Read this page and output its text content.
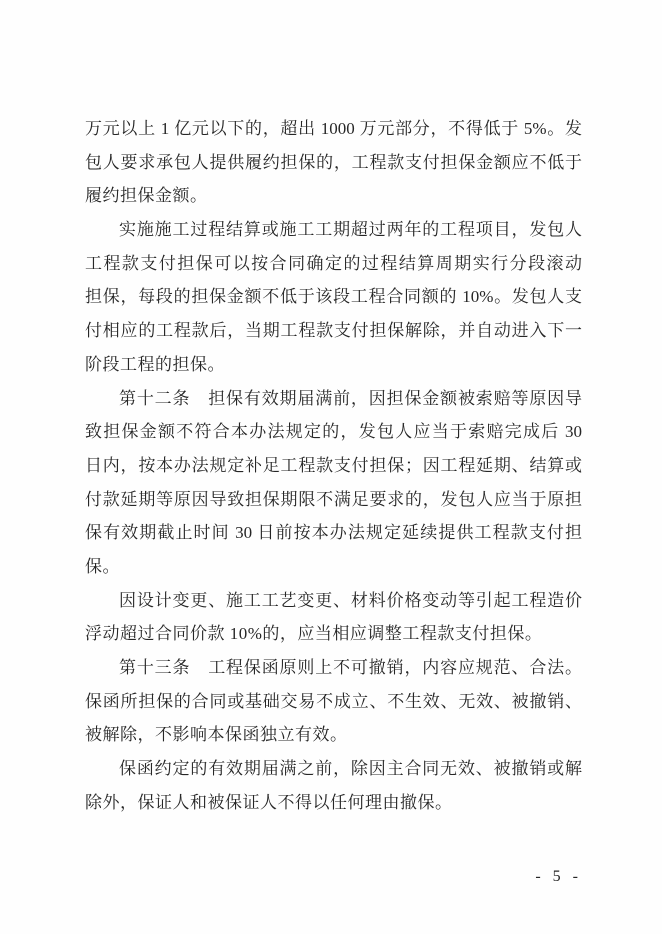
万元以上 1 亿元以下的，超出 1000 万元部分，不得低于 5%。发
包人要求承包人提供履约担保的，工程款支付担保金额应不低于
履约担保金额。
实施施工过程结算或施工工期超过两年的工程项目，发包人
工程款支付担保可以按合同确定的过程结算周期实行分段滚动
担保，每段的担保金额不低于该段工程合同额的 10%。发包人支
付相应的工程款后，当期工程款支付担保解除，并自动进入下一
阶段工程的担保。
第十二条　担保有效期届满前，因担保金额被索赔等原因导
致担保金额不符合本办法规定的，发包人应当于索赔完成后 30
日内，按本办法规定补足工程款支付担保；因工程延期、结算或
付款延期等原因导致担保期限不满足要求的，发包人应当于原担
保有效期截止时间 30 日前按本办法规定延续提供工程款支付担
保。
因设计变更、施工工艺变更、材料价格变动等引起工程造价
浮动超过合同价款 10%的，应当相应调整工程款支付担保。
第十三条　工程保函原则上不可撤销，内容应规范、合法。
保函所担保的合同或基础交易不成立、不生效、无效、被撤销、
被解除，不影响本保函独立有效。
保函约定的有效期届满之前，除因主合同无效、被撤销或解
除外，保证人和被保证人不得以任何理由撤保。
- 5 -
